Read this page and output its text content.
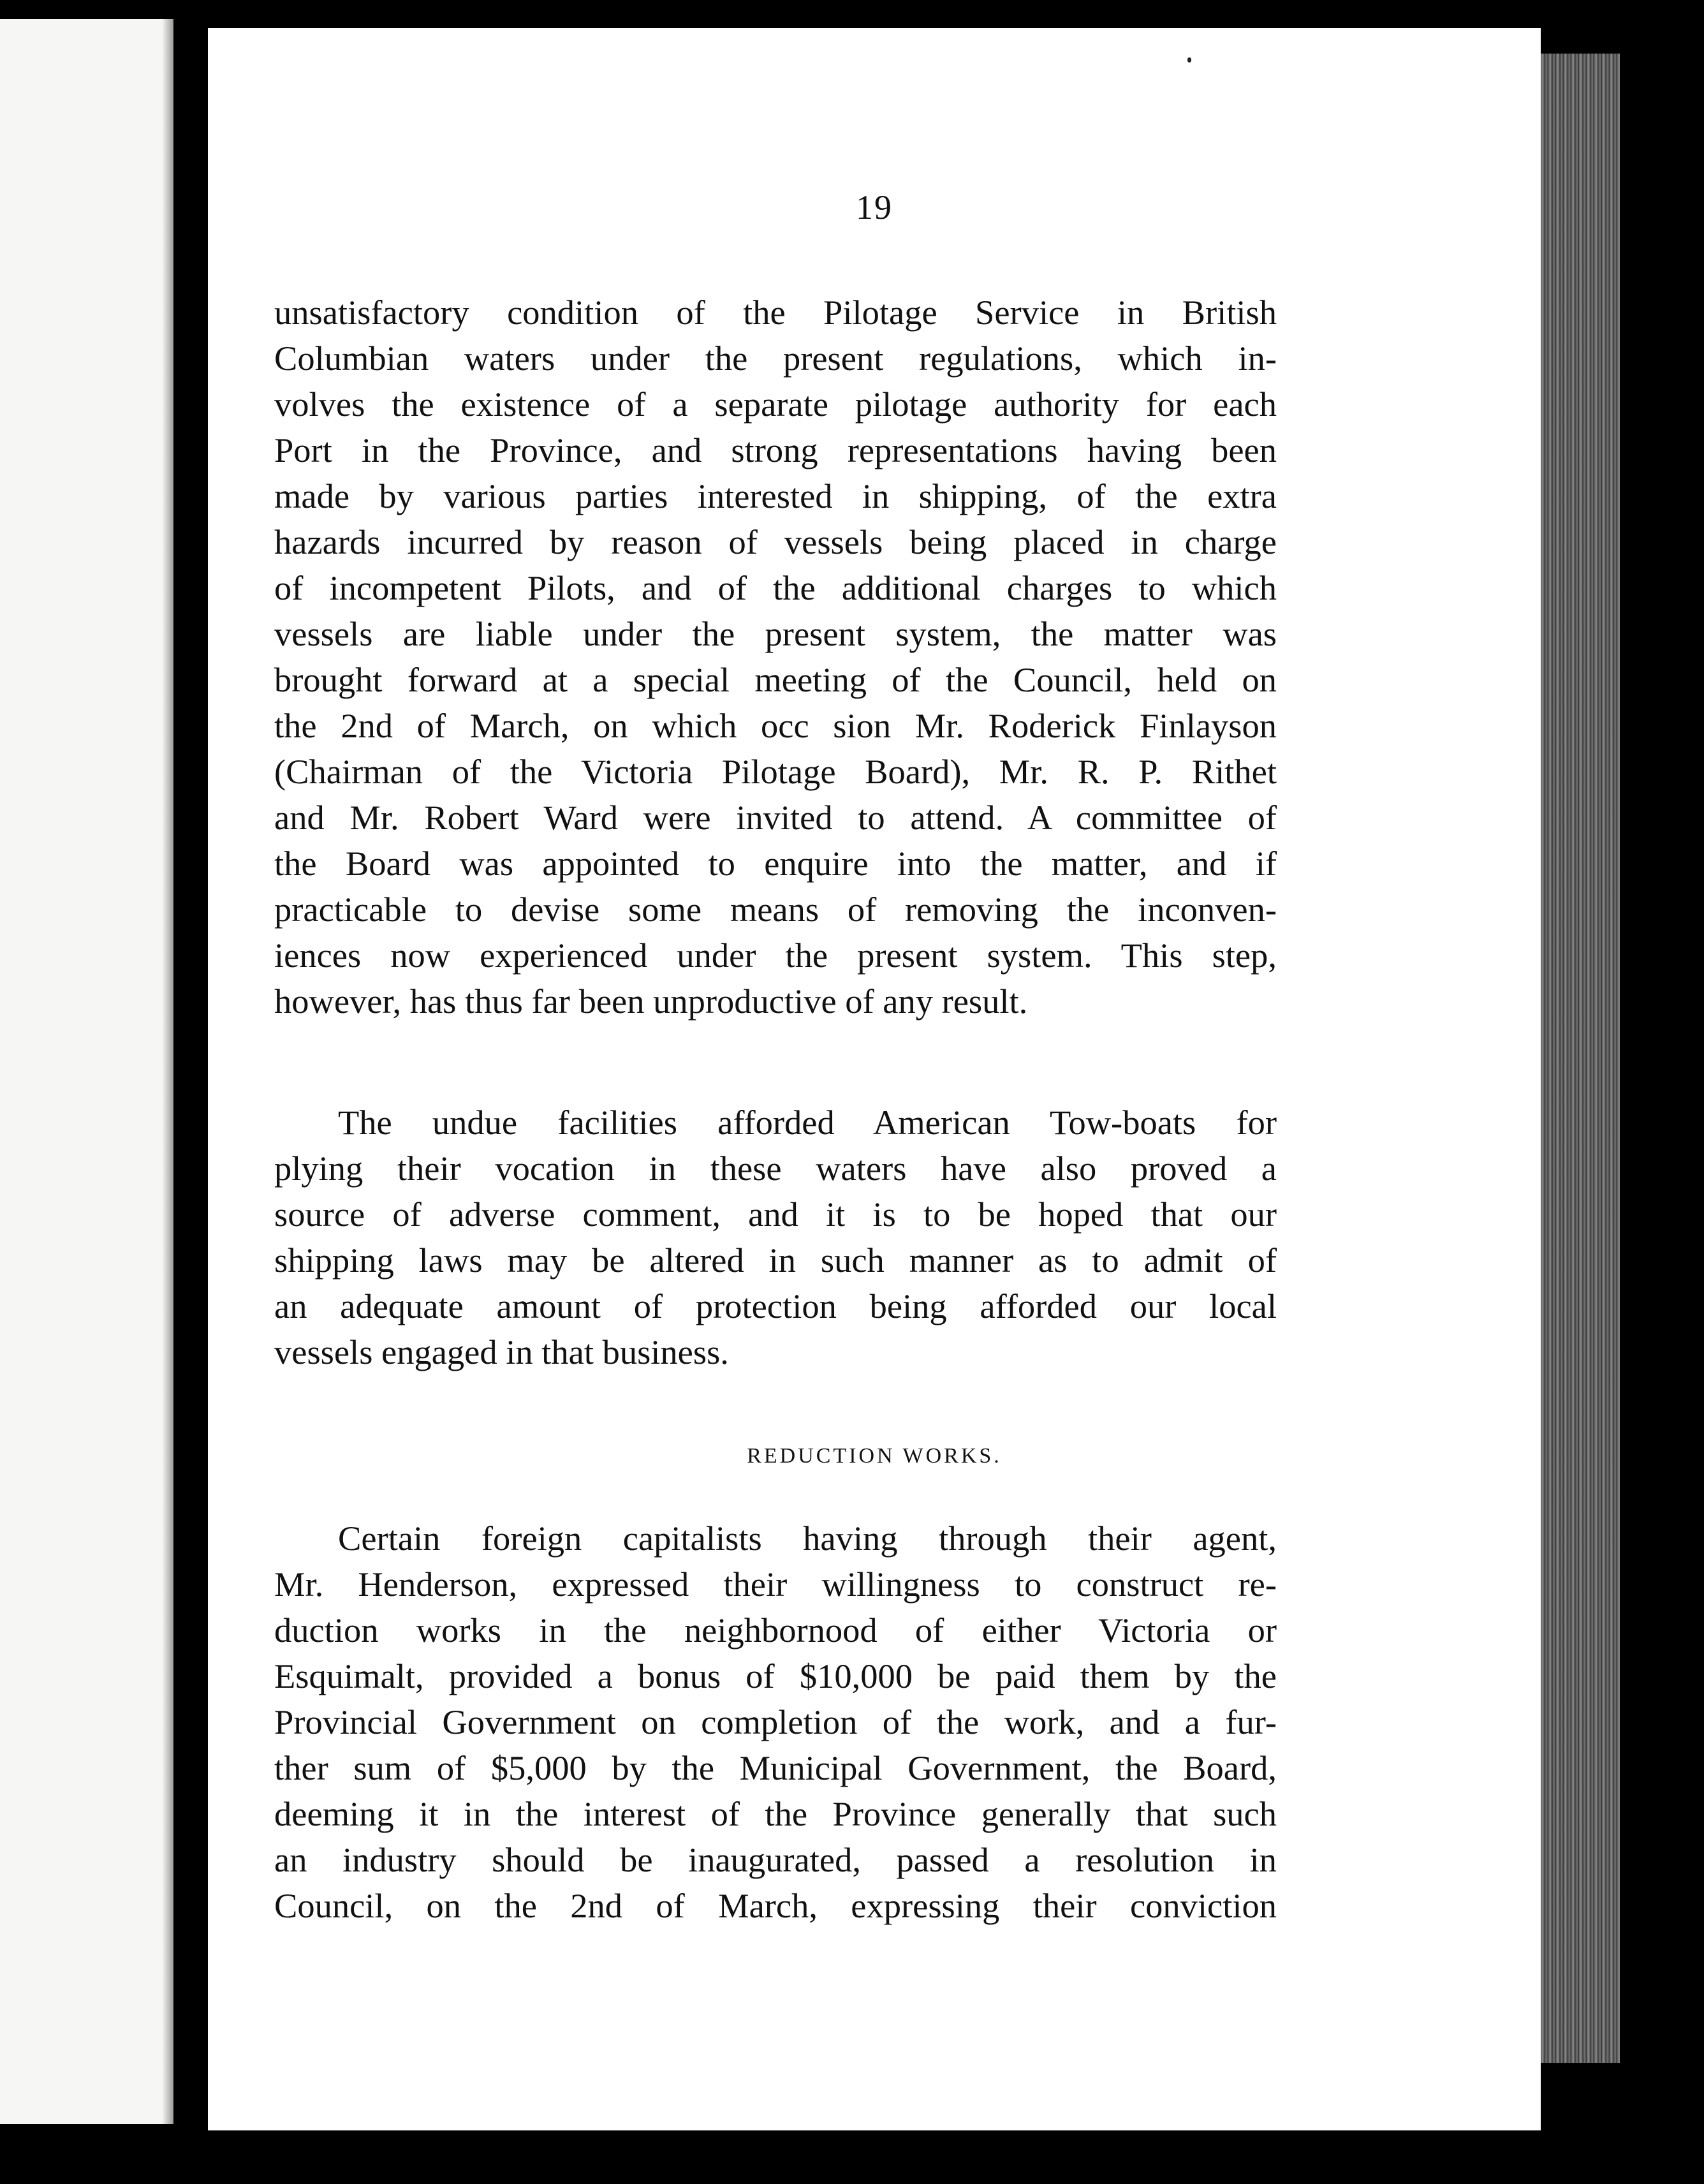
19
unsatisfactory condition of the Pilotage Service in British
Columbian waters under the present regulations, which in-
volves the existence of a separate pilotage authority for each
Port in the Province, and strong representations having been
made by various parties interested in shipping, of the extra
hazards incurred by reason of vessels being placed in charge
of incompetent Pilots, and of the additional charges to which
vessels are liable under the present system, the matter was
brought forward at a special meeting of the Council, held on
the 2nd of March, on which occ sion Mr. Roderick Finlayson
(Chairman of the Victoria Pilotage Board), Mr. R. P. Rithet
and Mr. Robert Ward were invited to attend. A committee of
the Board was appointed to enquire into the matter, and if
practicable to devise some means of removing the inconven-
iences now experienced under the present system. This step,
however, has thus far been unproductive of any result.
The undue facilities afforded American Tow-boats for
plying their vocation in these waters have also proved a
source of adverse comment, and it is to be hoped that our
shipping laws may be altered in such manner as to admit of
an adequate amount of protection being afforded our local
vessels engaged in that business.
REDUCTION WORKS.
Certain foreign capitalists having through their agent,
Mr. Henderson, expressed their willingness to construct re-
duction works in the neighbornood of either Victoria or
Esquimalt, provided a bonus of $10,000 be paid them by the
Provincial Government on completion of the work, and a fur-
ther sum of $5,000 by the Municipal Government, the Board,
deeming it in the interest of the Province generally that such
an industry should be inaugurated, passed a resolution in
Council, on the 2nd of March, expressing their conviction
